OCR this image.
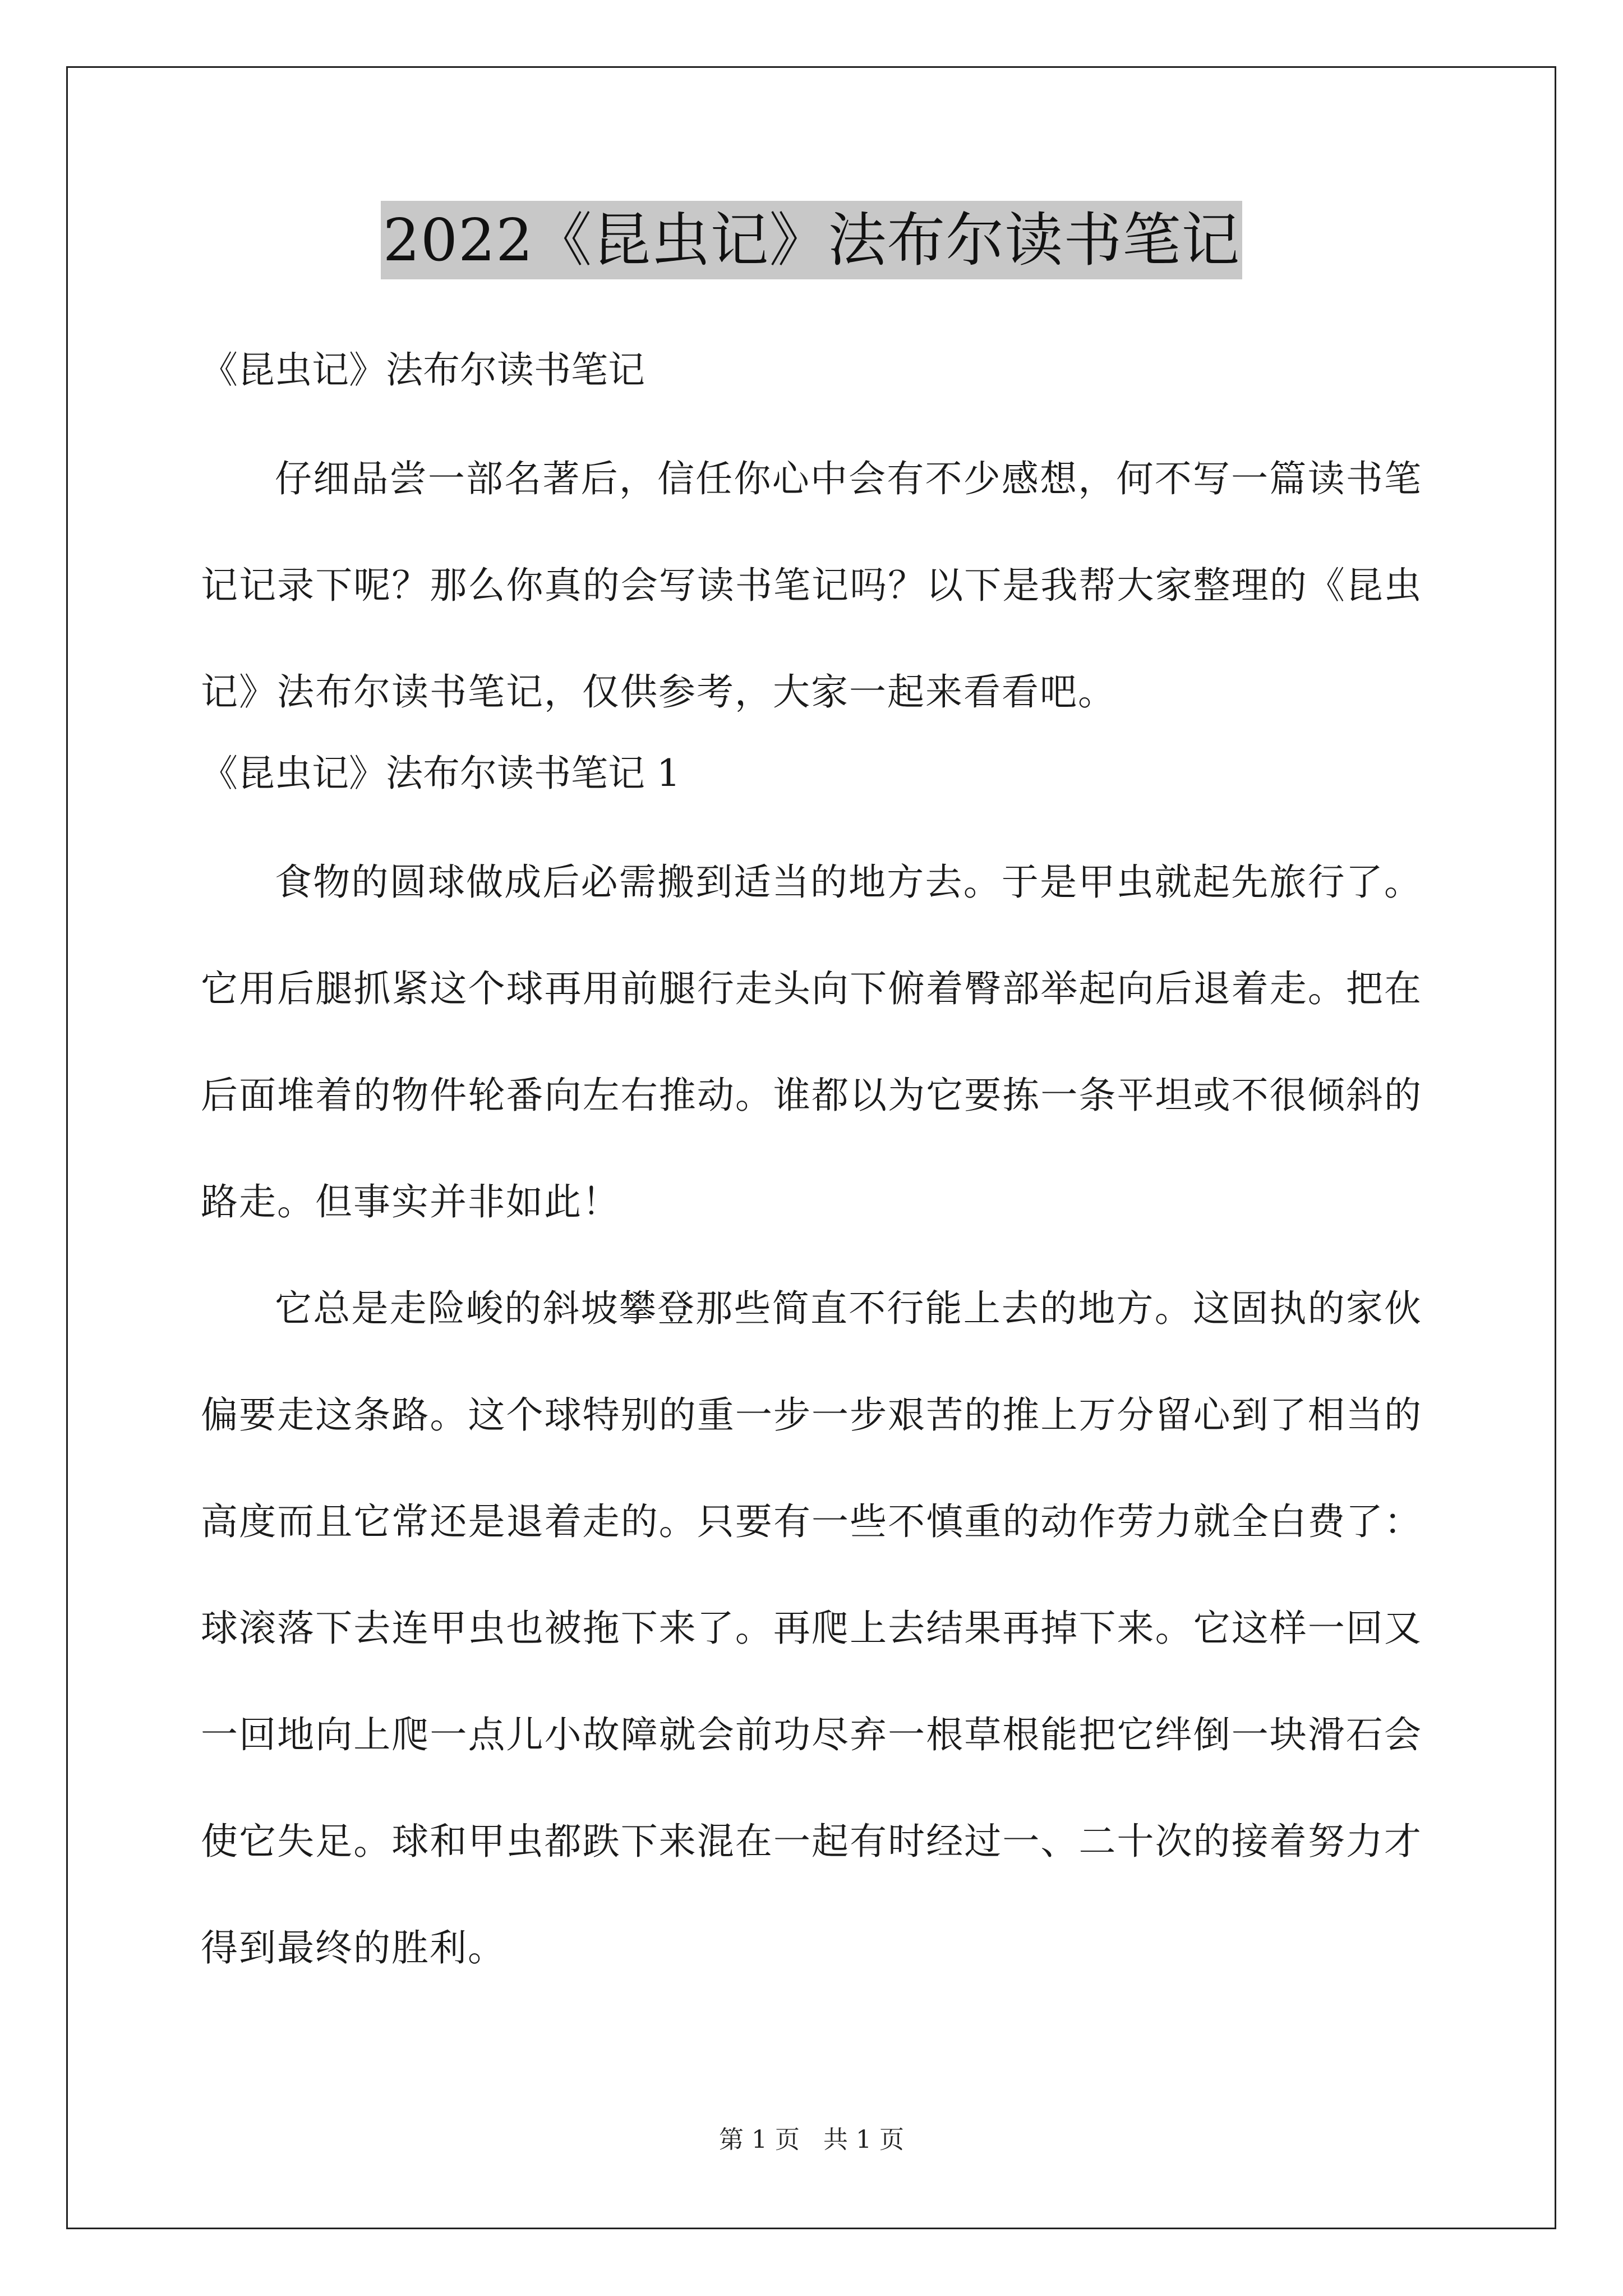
2022《昆虫记》法布尔读书笔记

《昆虫记》法布尔读书笔记

仔细品尝一部名著后，信任你心中会有不少感想，何不写一篇读书笔记记录下呢？那么你真的会写读书笔记吗？以下是我帮大家整理的《昆虫记》法布尔读书笔记，仅供参考，大家一起来看看吧。

《昆虫记》法布尔读书笔记 1

食物的圆球做成后必需搬到适当的地方去。于是甲虫就起先旅行了。它用后腿抓紧这个球再用前腿行走头向下俯着臀部举起向后退着走。把在后面堆着的物件轮番向左右推动。谁都以为它要拣一条平坦或不很倾斜的路走。但事实并非如此！

它总是走险峻的斜坡攀登那些简直不行能上去的地方。这固执的家伙偏要走这条路。这个球特别的重一步一步艰苦的推上万分留心到了相当的高度而且它常还是退着走的。只要有一些不慎重的动作劳力就全白费了：球滚落下去连甲虫也被拖下来了。再爬上去结果再掉下来。它这样一回又一回地向上爬一点儿小故障就会前功尽弃一根草根能把它绊倒一块滑石会使它失足。球和甲虫都跌下来混在一起有时经过一、二十次的接着努力才得到最终的胜利。

第 1 页 共 1 页
